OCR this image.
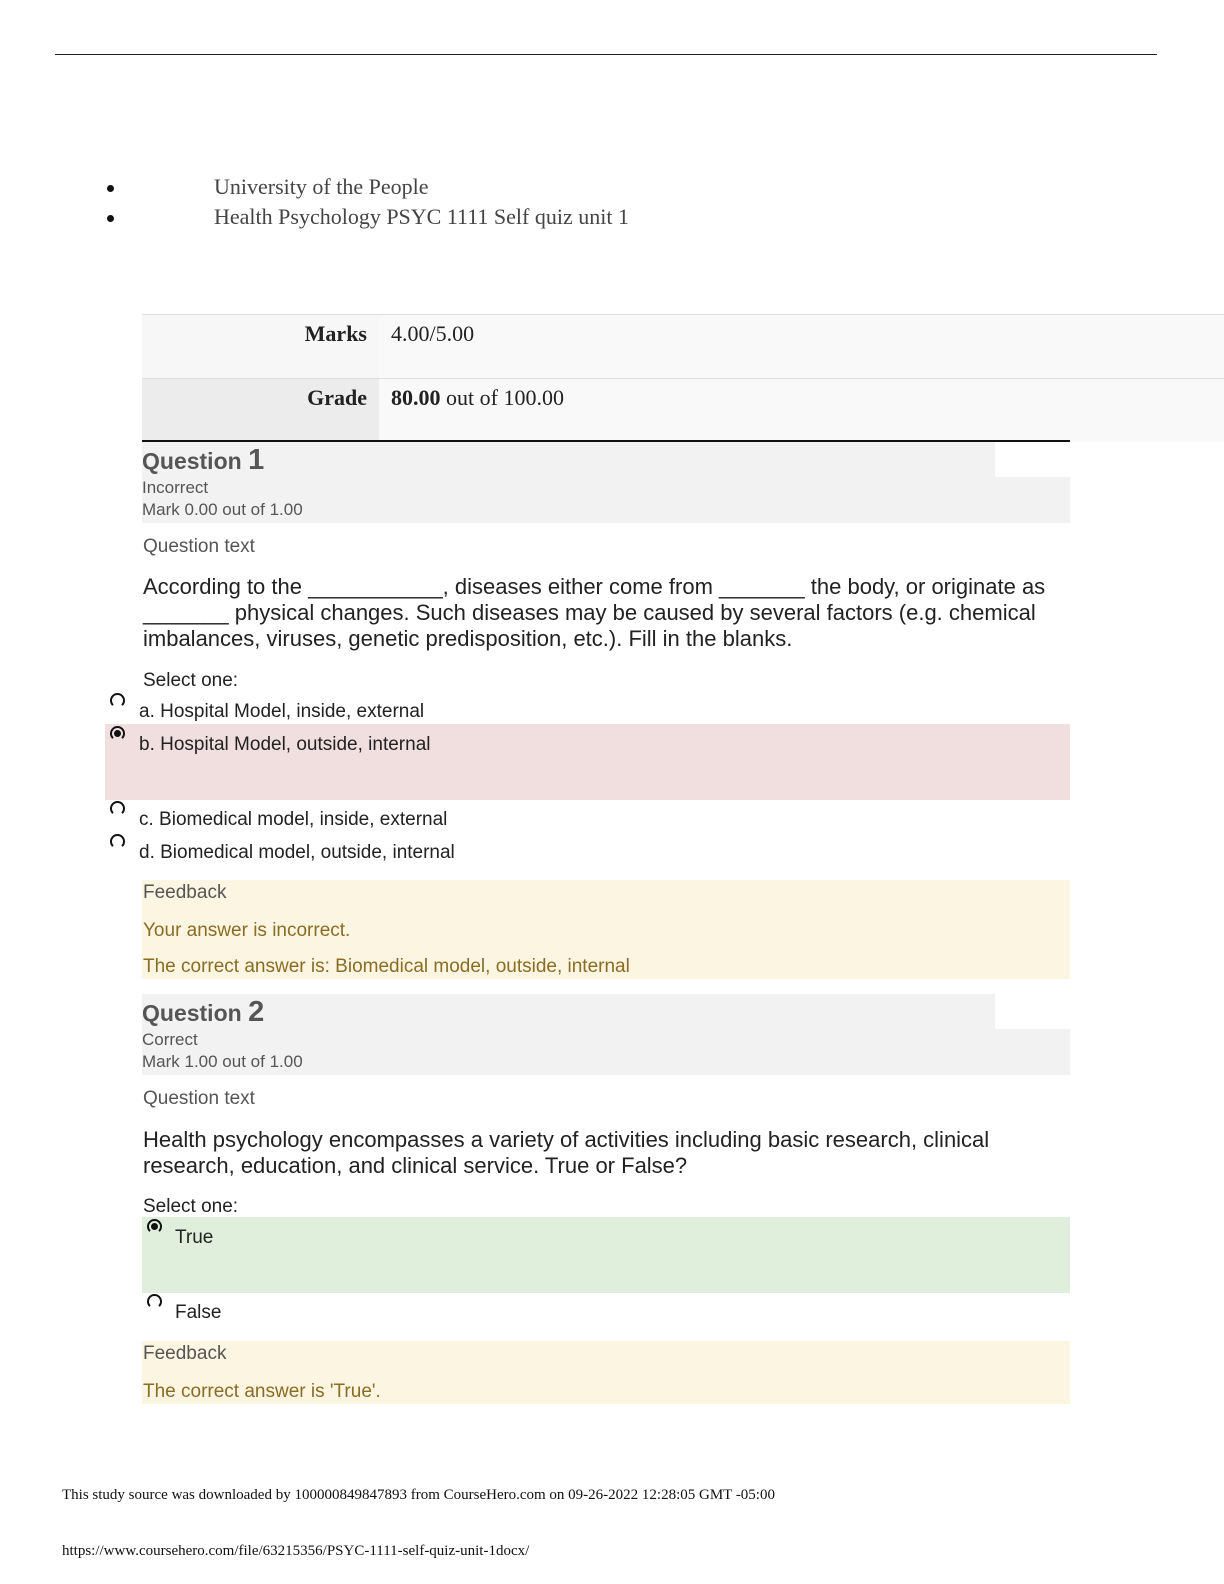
University of the People
Health Psychology PSYC 1111 Self quiz unit 1
Marks	4.00/5.00
Grade	80.00 out of 100.00
Question 1
Incorrect
Mark 0.00 out of 1.00
Question text
According to the ___________, diseases either come from _______ the body, or originate as _______ physical changes. Such diseases may be caused by several factors (e.g. chemical imbalances, viruses, genetic predisposition, etc.). Fill in the blanks.
Select one:
a. Hospital Model, inside, external
b. Hospital Model, outside, internal
c. Biomedical model, inside, external
d. Biomedical model, outside, internal
Feedback
Your answer is incorrect.
The correct answer is: Biomedical model, outside, internal
Question 2
Correct
Mark 1.00 out of 1.00
Question text
Health psychology encompasses a variety of activities including basic research, clinical research, education, and clinical service. True or False?
Select one:
True
False
Feedback
The correct answer is 'True'.
This study source was downloaded by 100000849847893 from CourseHero.com on 09-26-2022 12:28:05 GMT -05:00
https://www.coursehero.com/file/63215356/PSYC-1111-self-quiz-unit-1docx/
